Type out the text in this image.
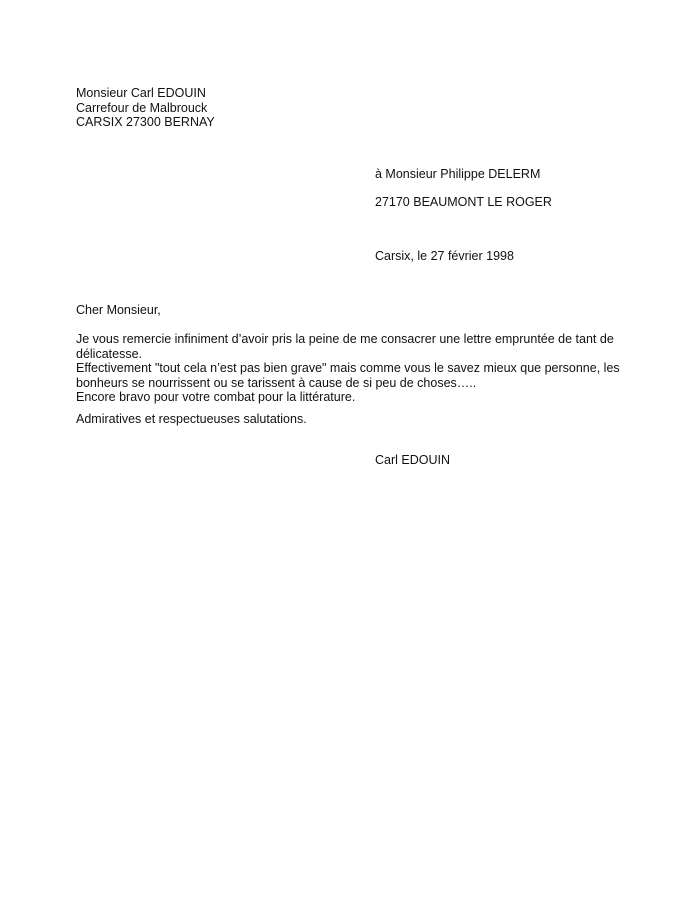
Monsieur Carl EDOUIN
Carrefour de Malbrouck
CARSIX 27300 BERNAY
à Monsieur Philippe DELERM
27170 BEAUMONT LE ROGER
Carsix, le 27 février 1998
Cher Monsieur,
Je vous remercie infiniment d’avoir pris la peine de me consacrer une lettre empruntée de tant de
délicatesse.
Effectivement "tout cela n’est pas bien grave" mais comme vous le savez mieux que personne, les
bonheurs se nourrissent ou se tarissent à cause de si peu de choses…..
Encore bravo pour votre combat pour la littérature.
Admiratives et respectueuses salutations.
Carl EDOUIN
